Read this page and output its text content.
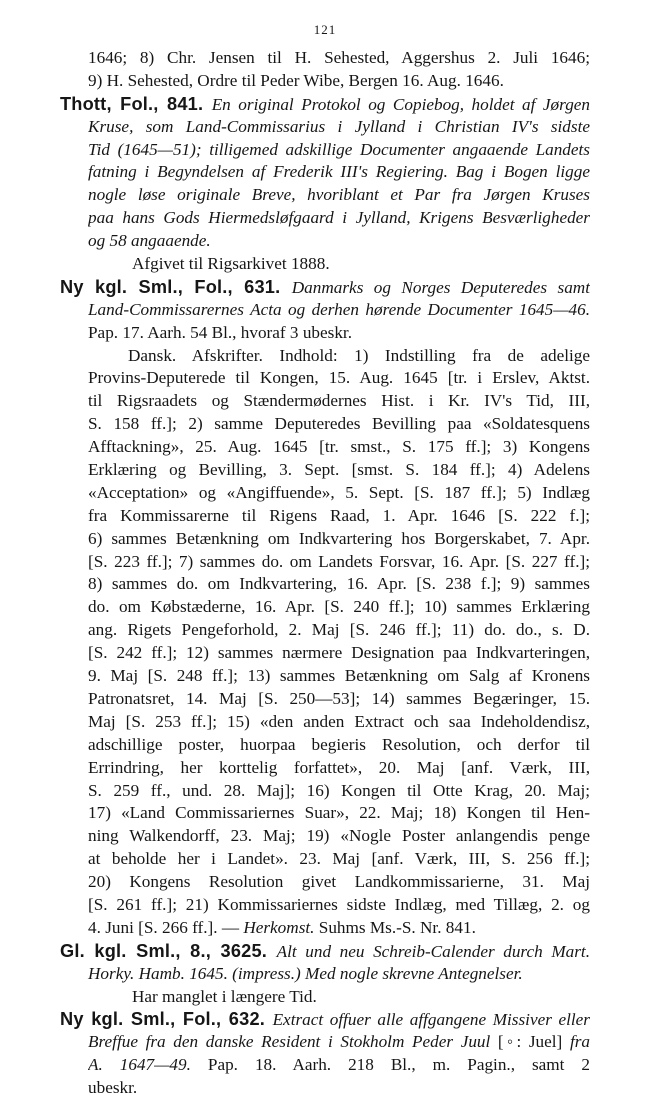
121
1646; 8) Chr. Jensen til H. Sehested, Aggershus 2. Juli 1646;
9) H. Sehested, Ordre til Peder Wibe, Bergen 16. Aug. 1646.
Thott, Fol., 841. En original Protokol og Copiebog, holdet af Jørgen
Kruse, som Land-Commissarius i Jylland i Christian IV's sidste
Tid (1645—51); tilligemed adskillige Documenter angaaende Landets
fatning i Begyndelsen af Frederik III's Regiering. Bag i Bogen ligge
nogle løse originale Breve, hvoriblant et Par fra Jørgen Kruses
paa hans Gods Hiermedsløfgaard i Jylland, Krigens Besværligheder
og 58 angaaende.
Afgivet til Rigsarkivet 1888.
Ny kgl. Sml., Fol., 631. Danmarks og Norges Deputeredes samt
Land-Commissarernes Acta og derhen hørende Documenter 1645—46.
Pap. 17. Aarh. 54 Bl., hvoraf 3 ubeskr.
Dansk. Afskrifter. Indhold: 1) Indstilling fra de adelige
Provins-Deputerede til Kongen, 15. Aug. 1645 [tr. i Erslev, Aktst.
til Rigsraadets og Stændermødernes Hist. i Kr. IV's Tid, III,
S. 158 ff.]; 2) samme Deputeredes Bevilling paa «Soldatesquens
Afftackning», 25. Aug. 1645 [tr. smst., S. 175 ff.]; 3) Kongens
Erklæring og Bevilling, 3. Sept. [smst. S. 184 ff.]; 4) Adelens
«Acceptation» og «Angiffuende», 5. Sept. [S. 187 ff.]; 5) Indlæg
fra Kommissarerne til Rigens Raad, 1. Apr. 1646 [S. 222 f.];
6) sammes Betænkning om Indkvartering hos Borgerskabet, 7. Apr.
[S. 223 ff.]; 7) sammes do. om Landets Forsvar, 16. Apr. [S. 227 ff.];
8) sammes do. om Indkvartering, 16. Apr. [S. 238 f.]; 9) sammes
do. om Købstæderne, 16. Apr. [S. 240 ff.]; 10) sammes Erklæring
ang. Rigets Pengeforhold, 2. Maj [S. 246 ff.]; 11) do. do., s. D.
[S. 242 ff.]; 12) sammes nærmere Designation paa Indkvarteringen,
9. Maj [S. 248 ff.]; 13) sammes Betænkning om Salg af Kronens
Patronatsret, 14. Maj [S. 250—53]; 14) sammes Begæringer, 15.
Maj [S. 253 ff.]; 15) «den anden Extract och saa Indeholdendisz,
adschillige poster, huorpaa begieris Resolution, och derfor til
Errindring, her korttelig forfattet», 20. Maj [anf. Værk, III,
S. 259 ff., und. 28. Maj]; 16) Kongen til Otte Krag, 20. Maj;
17) «Land Commissariernes Suar», 22. Maj; 18) Kongen til Hen-
ning Walkendorff, 23. Maj; 19) «Nogle Poster anlangendis penge
at beholde her i Landet». 23. Maj [anf. Værk, III, S. 256 ff.];
20) Kongens Resolution givet Landkommissarierne, 31. Maj
[S. 261 ff.]; 21) Kommissariernes sidste Indlæg, med Tillæg, 2. og
4. Juni [S. 266 ff.]. — Herkomst. Suhms Ms.-S. Nr. 841.
Gl. kgl. Sml., 8., 3625. Alt und neu Schreib-Calender durch Mart.
Horky. Hamb. 1645. (impress.) Med nogle skrevne Antegnelser.
Har manglet i længere Tid.
Ny kgl. Sml., Fol., 632. Extract offuer alle affgangene Missiver eller
Breffue fra den danske Resident i Stokholm Peder Juul [◦: Juel] fra
A. 1647—49. Pap. 18. Aarh. 218 Bl., m. Pagin., samt 2
ubeskr.
